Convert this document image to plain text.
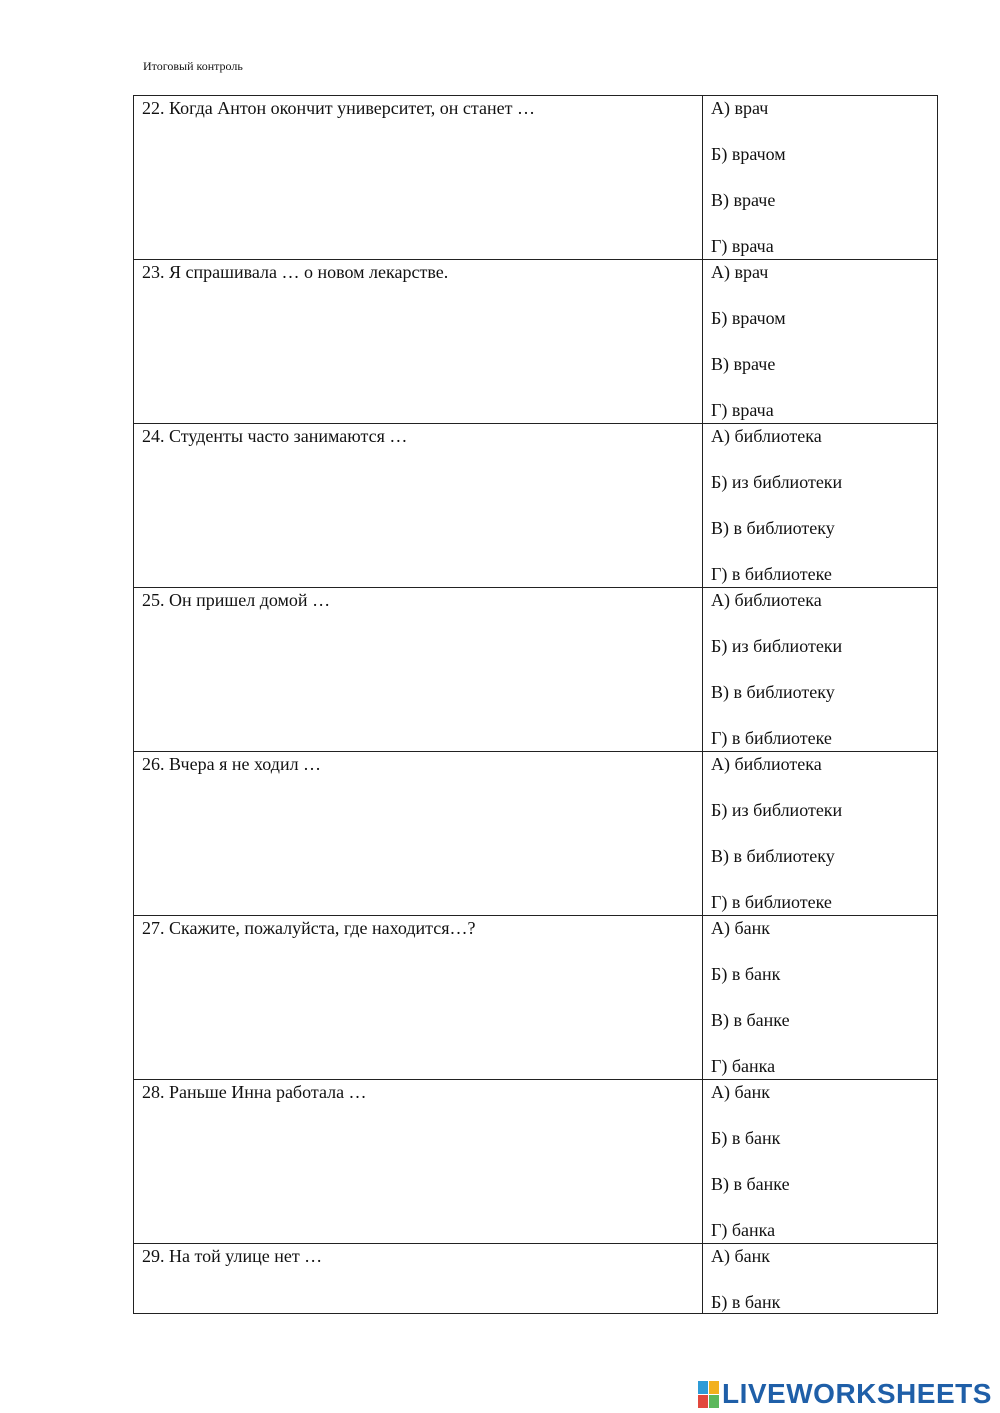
Итоговый контроль
22. Когда Антон окончит университет, он станет …	А) врач
Б) врачом
В) враче
Г) врача

23. Я спрашивала … о новом лекарстве.	А) врач
Б) врачом
В) враче
Г) врача

24. Студенты часто занимаются …	А) библиотека
Б) из библиотеки
В) в библиотеку
Г) в библиотеке

25. Он пришел домой …	А) библиотека
Б) из библиотеки
В) в библиотеку
Г) в библиотеке

26. Вчера я не ходил …	А) библиотека
Б) из библиотеки
В) в библиотеку
Г) в библиотеке

27. Скажите, пожалуйста, где находится…?	А) банк
Б) в банк
В) в банке
Г) банка

28. Раньше Инна работала …	А) банк
Б) в банк
В) в банке
Г) банка

29. На той улице нет …	А) банк
Б) в банк
LIVEWORKSHEETS
